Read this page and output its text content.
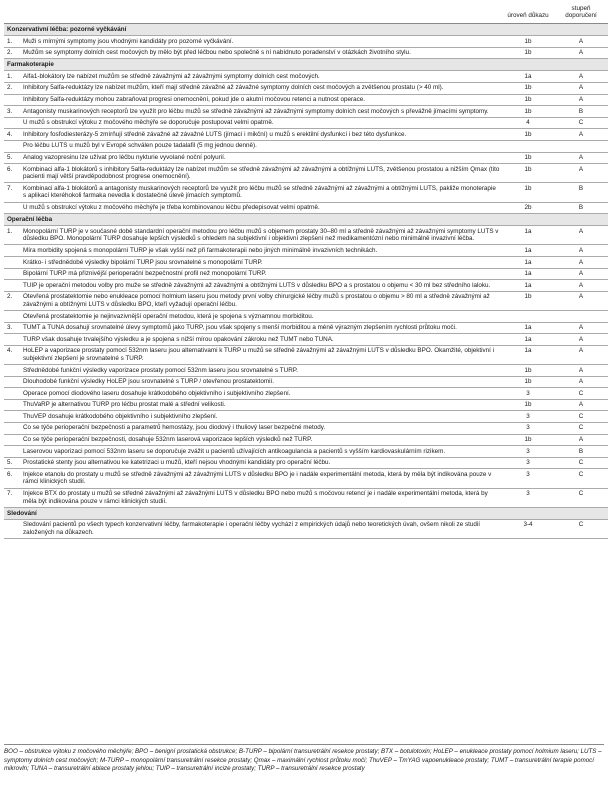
		úroveň důkazu	stupeň doporučení
Konzervativní léčba: pozorné vyčkávání			
1.	Muži s mírnými symptomy jsou vhodnými kandidáty pro pozorné vyčkávání.	1b	A
2.	Mužům se symptomy dolních cest močových by mělo být před léčbou nebo společně s ní nabídnuto poradenství v otázkách životního stylu.	1b	A
Farmakoterapie			
1.	Alfa1-blokátory lze nabízet mužům se středně závažnými až závažnými symptomy dolních cest močových.	1a	A
2.	Inhibitory 5alfa-reduktázy lze nabízet mužům, kteří mají středně závažné až závažné symptomy dolních cest močových a zvětšenou prostatu (> 40 ml).	1b	A
	Inhibitory 5alfa-reduktázy mohou zabraňovat progresi onemocnění, pokud jde o akutní močovou retenci a nutnost operace.	1b	A
3.	Antagonisty muskarinových receptorů lze využít pro léčbu mužů se středně závažnými až závažnými symptomy dolních cest močových s převážně jímacími symptomy.	1b	B
	U mužů s obstrukcí výtoku z močového měchýře se doporučuje postupovat velmi opatrně.	4	C
4.	Inhibitory fosfodiesterázy-5 zmírňují středně závažné až závažné LUTS (jímací i mikční) u mužů s erektilní dysfunkcí i bez této dysfunkce.	1b	A
	Pro léčbu LUTS u mužů byl v Evropě schválen pouze tadalafil (5 mg jednou denně).		
5.	Analog vazopresinu lze užívat pro léčbu nykturie vyvolané noční polyurií.	1b	A
6.	Kombinaci alfa-1 blokátorů s inhibitory 5alfa-reduktázy lze nabízet mužům se středně závažnými až závažnými a obtížnými LUTS, zvětšenou prostatou a nižším Qmax (tito pacienti mají větší pravděpodobnost progrese onemocnění).	1b	A
7.	Kombinaci alfa-1 blokátorů a antagonisty muskarinových receptorů lze využít pro léčbu mužů se středně závažnými až závažnými a obtížnými LUTS, pakliže monoterapie s aplikací kteréhokoli farmaka nevedla k dostatečné úlevě jímacích symptomů.	1b	B
	U mužů s obstrukcí výtoku z močového měchýře je třeba kombinovanou léčbu předepisovat velmi opatrně.	2b	B
Operační léčba			
1.	Monopolární TURP je v současné době standardní operační metodou pro léčbu mužů s objemem prostaty 30–80 ml a středně závažnými až závažnými symptomy LUTS v důsledku BPO. Monopolární TURP dosahuje lepších výsledků s ohledem na subjektivní i objektivní zlepšení než medikamentózní nebo minimálně invazivní léčba.	1a	A
	Míra morbidity spojená s monopolární TURP je však vyšší než při farmakoterapii nebo jiných minimálně invazivních technikách.	1a	A
	Krátko- i střednědobé výsledky bipolární TURP jsou srovnatelné s monopolární TURP.	1a	A
	Bipolární TURP má přiznivější perioperační bezpečnostní profil než monopolární TURP.	1a	A
	TUIP je operační metodou volby pro muže se středně závažnými až závažnými a obtížnými LUTS v důsledku BPO a s prostatou o objemu < 30 ml bez středního laloku.	1a	A
2.	Otevřená prostatektomie nebo enukleace pomocí holmium laseru jsou metody první volby chirurgické léčby mužů s prostatou o objemu > 80 ml a středně závažnými až závažnými a obtížnými LUTS v důsledku BPO, kteří vyžadují operační léčbu.	1b	A
	Otevřená prostatektomie je nejinvazivnější operační metodou, která je spojena s významnou morbiditou.		
3.	TUMT a TUNA dosahují srovnatelné úlevy symptomů jako TURP, jsou však spojeny s menší morbiditou a méně výrazným zlepšením rychlosti průtoku moči.	1a	A
	TURP však dosahuje trvalejšího výsledku a je spojena s nižší mírou opakování zákroku než TUMT nebo TUNA.	1a	A
4.	HoLEP a vaporizace prostaty pomocí 532nm laseru jsou alternativami k TURP u mužů se středně závažnými až závažnými LUTS v důsledku BPO. Okamžité, objektivní i subjektivní zlepšení je srovnatelné s TURP.	1a	A
	Střednědobé funkční výsledky vaporizace prostaty pomocí 532nm laseru jsou srovnatelné s TURP.	1b	A
	Dlouhodobé funkční výsledky HoLEP jsou srovnatelné s TURP / otevřenou prostatektomií.	1b	A
	Operace pomocí diodového laseru dosahuje krátkodobého objektivního i subjektivního zlepšení.	3	C
	ThuVaRP je alternativou TURP pro léčbu prostat malé a střední velikosti.	1b	A
	ThuVEP dosahuje krátkodobého objektivního i subjektivního zlepšení.	3	C
	Co se týče perioperační bezpečnosti a parametrů hemostázy, jsou diodový i thuliový laser bezpečné metody.	3	C
	Co se týče perioperační bezpečnosti, dosahuje 532nm laserová vaporizace lepších výsledků než TURP.	1b	A
	Laserovou vaporizaci pomocí 532nm laseru se doporučuje zvážit u pacientů užívajících antikoagulancia a pacientů s vyšším kardiovaskulárním rizikem.	3	B
5.	Prostatické stenty jsou alternativou ke katetrizaci u mužů, kteří nejsou vhodnými kandidáty pro operační léčbu.	3	C
6.	Injekce etanolu do prostaty u mužů se středně závažnými až závažnými LUTS v důsledku BPO je i nadále experimentální metoda, která by měla být indikována pouze v rámci klinických studií.	3	C
7.	Injekce BTX do prostaty u mužů se středně závažnými až závažnými LUTS v důsledku BPO nebo mužů s močovou retencí je i nadále experimentální metoda, která by měla být indikována pouze v rámci klinických studií.	3	C
Sledování			
	Sledování pacientů po všech typech konzervativní léčby, farmakoterapie i operační léčby vychází z empirických údajů nebo teoretických úvah, ovšem nikoli ze studií založených na důkazech.	3-4	C
BOO – obstrukce výtoku z močového měchýře; BPO – benigní prostatická obstrukce; B-TURP – bipolární transuretrální resekce prostaty; BTX – botulotoxin; HoLEP – enukleace prostaty pomocí holmium laseru; LUTS – symptomy dolních cest močových; M-TURP – monopolární transuretrální resekce prostaty; Qmax – maximální rychlost průtoku moči; ThuVEP – TmYAG vapoenukleace prostaty; TUMT – transuretrální terapie pomocí mikrovln; TUNA – transuretrální ablace prostaty jehlou; TUIP – transuretrální incize prostaty; TURP – transuretrální resekce prostaty
